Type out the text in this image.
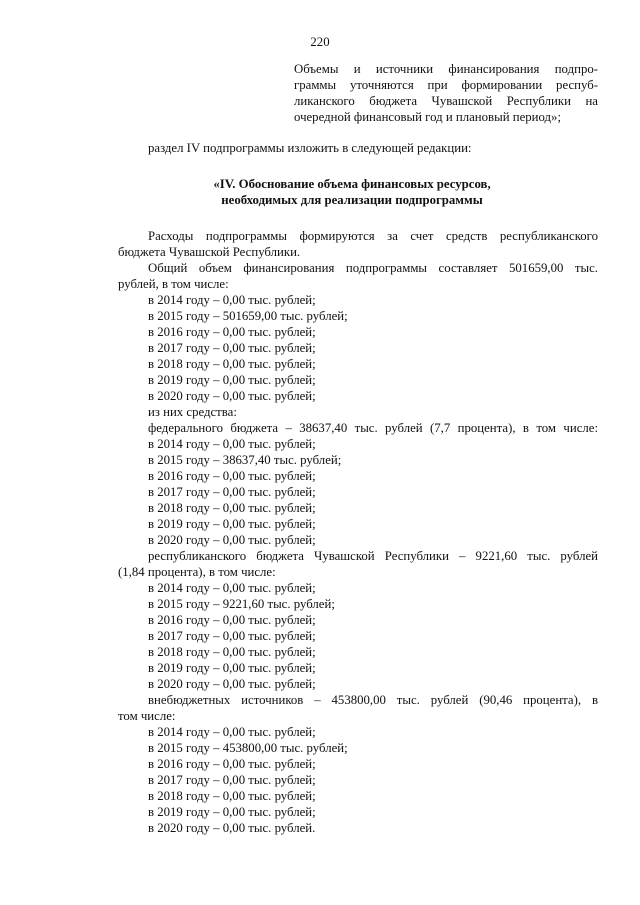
220
Объемы и источники финансирования подпро-
граммы уточняются при формировании респуб-
ликанского бюджета Чувашской Республики на
очередной финансовый год и плановый период»;
раздел IV подпрограммы изложить в следующей редакции:
«IV. Обоснование объема финансовых ресурсов,
необходимых для реализации подпрограммы

Расходы подпрограммы формируются за счет средств республиканского

бюджета Чувашской Республики.

Общий объем финансирования подпрограммы составляет 501659,00 тыс.

рублей, в том числе:

в 2014 году – 0,00 тыс. рублей;

в 2015 году – 501659,00 тыс. рублей;

в 2016 году – 0,00 тыс. рублей;

в 2017 году – 0,00 тыс. рублей;

в 2018 году – 0,00 тыс. рублей;

в 2019 году – 0,00 тыс. рублей;

в 2020 году – 0,00 тыс. рублей;

из них средства:

федерального бюджета – 38637,40 тыс. рублей (7,7 процента), в том числе:

в 2014 году – 0,00 тыс. рублей;

в 2015 году – 38637,40 тыс. рублей;

в 2016 году – 0,00 тыс. рублей;

в 2017 году – 0,00 тыс. рублей;

в 2018 году – 0,00 тыс. рублей;

в 2019 году – 0,00 тыс. рублей;

в 2020 году – 0,00 тыс. рублей;

республиканского бюджета Чувашской Республики – 9221,60 тыс. рублей

(1,84 процента), в том числе:

в 2014 году – 0,00 тыс. рублей;

в 2015 году – 9221,60 тыс. рублей;

в 2016 году – 0,00 тыс. рублей;

в 2017 году – 0,00 тыс. рублей;

в 2018 году – 0,00 тыс. рублей;

в 2019 году – 0,00 тыс. рублей;

в 2020 году – 0,00 тыс. рублей;

внебюджетных источников – 453800,00 тыс. рублей (90,46 процента), в

том числе:

в 2014 году – 0,00 тыс. рублей;

в 2015 году – 453800,00 тыс. рублей;

в 2016 году – 0,00 тыс. рублей;

в 2017 году – 0,00 тыс. рублей;

в 2018 году – 0,00 тыс. рублей;

в 2019 году – 0,00 тыс. рублей;

в 2020 году – 0,00 тыс. рублей.
